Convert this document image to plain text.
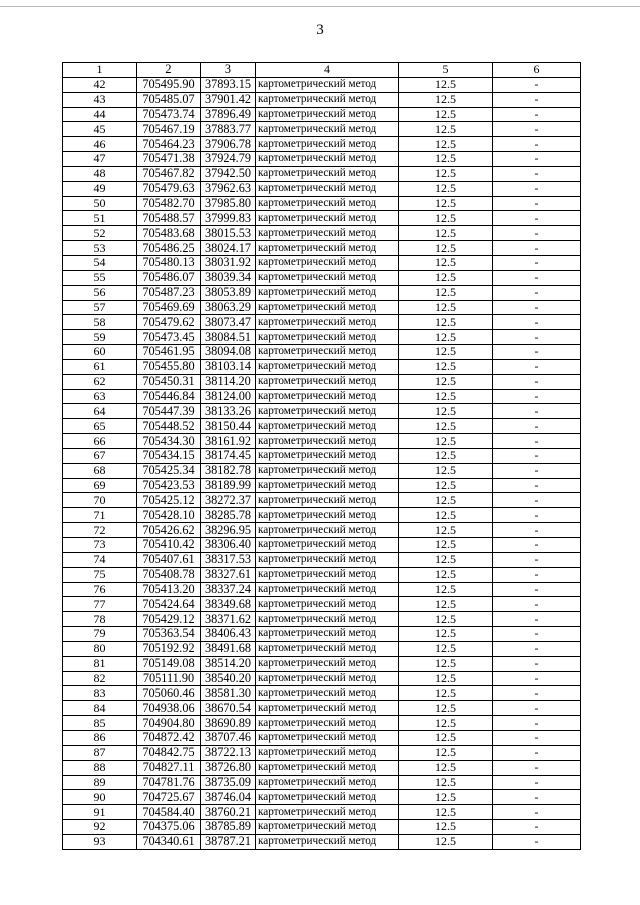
3
1	2	3	4	5	6
42	705495.90	37893.15	картометрический метод	12.5	-
43	705485.07	37901.42	картометрический метод	12.5	-
44	705473.74	37896.49	картометрический метод	12.5	-
45	705467.19	37883.77	картометрический метод	12.5	-
46	705464.23	37906.78	картометрический метод	12.5	-
47	705471.38	37924.79	картометрический метод	12.5	-
48	705467.82	37942.50	картометрический метод	12.5	-
49	705479.63	37962.63	картометрический метод	12.5	-
50	705482.70	37985.80	картометрический метод	12.5	-
51	705488.57	37999.83	картометрический метод	12.5	-
52	705483.68	38015.53	картометрический метод	12.5	-
53	705486.25	38024.17	картометрический метод	12.5	-
54	705480.13	38031.92	картометрический метод	12.5	-
55	705486.07	38039.34	картометрический метод	12.5	-
56	705487.23	38053.89	картометрический метод	12.5	-
57	705469.69	38063.29	картометрический метод	12.5	-
58	705479.62	38073.47	картометрический метод	12.5	-
59	705473.45	38084.51	картометрический метод	12.5	-
60	705461.95	38094.08	картометрический метод	12.5	-
61	705455.80	38103.14	картометрический метод	12.5	-
62	705450.31	38114.20	картометрический метод	12.5	-
63	705446.84	38124.00	картометрический метод	12.5	-
64	705447.39	38133.26	картометрический метод	12.5	-
65	705448.52	38150.44	картометрический метод	12.5	-
66	705434.30	38161.92	картометрический метод	12.5	-
67	705434.15	38174.45	картометрический метод	12.5	-
68	705425.34	38182.78	картометрический метод	12.5	-
69	705423.53	38189.99	картометрический метод	12.5	-
70	705425.12	38272.37	картометрический метод	12.5	-
71	705428.10	38285.78	картометрический метод	12.5	-
72	705426.62	38296.95	картометрический метод	12.5	-
73	705410.42	38306.40	картометрический метод	12.5	-
74	705407.61	38317.53	картометрический метод	12.5	-
75	705408.78	38327.61	картометрический метод	12.5	-
76	705413.20	38337.24	картометрический метод	12.5	-
77	705424.64	38349.68	картометрический метод	12.5	-
78	705429.12	38371.62	картометрический метод	12.5	-
79	705363.54	38406.43	картометрический метод	12.5	-
80	705192.92	38491.68	картометрический метод	12.5	-
81	705149.08	38514.20	картометрический метод	12.5	-
82	705111.90	38540.20	картометрический метод	12.5	-
83	705060.46	38581.30	картометрический метод	12.5	-
84	704938.06	38670.54	картометрический метод	12.5	-
85	704904.80	38690.89	картометрический метод	12.5	-
86	704872.42	38707.46	картометрический метод	12.5	-
87	704842.75	38722.13	картометрический метод	12.5	-
88	704827.11	38726.80	картометрический метод	12.5	-
89	704781.76	38735.09	картометрический метод	12.5	-
90	704725.67	38746.04	картометрический метод	12.5	-
91	704584.40	38760.21	картометрический метод	12.5	-
92	704375.06	38785.89	картометрический метод	12.5	-
93	704340.61	38787.21	картометрический метод	12.5	-
